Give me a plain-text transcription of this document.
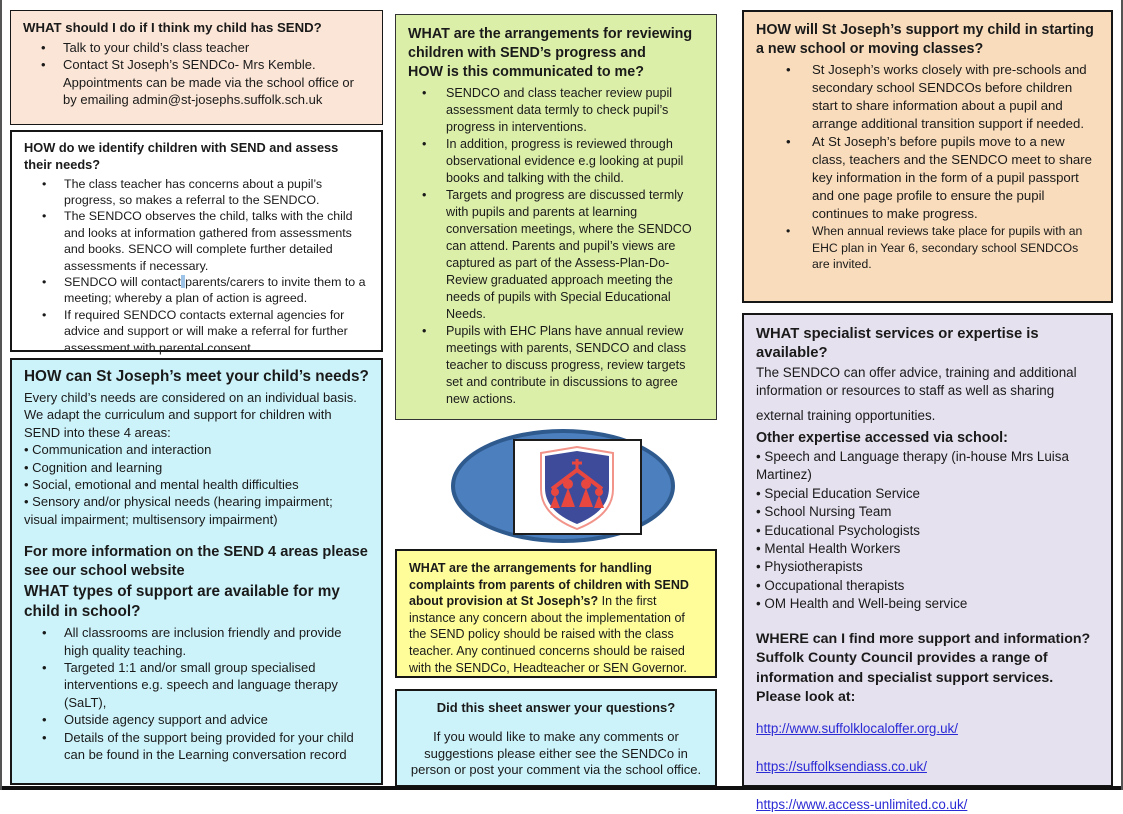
WHAT should I do if I think my child has SEND?
• Talk to your child’s class teacher
• Contact St Joseph’s SENDCo- Mrs Kemble. Appointments can be made via the school office or by emailing admin@st-josephs.suffolk.sch.uk
HOW do we identify children with SEND and assess their needs?
• The class teacher has concerns about a pupil’s progress, so makes a referral to the SENDCO.
• The SENDCO observes the child, talks with the child and looks at information gathered from assessments and books. SENCO will complete further detailed assessments if necessary.
• SENDCO will contact parents/carers to invite them to a meeting; whereby a plan of action is agreed.
• If required SENDCO contacts external agencies for advice and support or will make a referral for further assessment with parental consent.
HOW can St Joseph’s meet your child’s needs?

Every child’s needs are considered on an individual basis. We adapt the curriculum and support for children with SEND into these 4 areas:

• Communication and interaction

• Cognition and learning

• Social, emotional and mental health difficulties

• Sensory and/or physical needs (hearing impairment; visual impairment; multisensory impairment)

For more information on the SEND 4 areas please see our school website

WHAT types of support are available for my child in school?
• All classrooms are inclusion friendly and provide high quality teaching.
• Targeted 1:1 and/or small group specialised interventions e.g. speech and language therapy (SaLT),
• Outside agency support and advice
• Details of the support being provided for your child can be found in the Learning conversation record
WHAT are the arrangements for reviewing children with SEND’s progress and
HOW is this communicated to me?
• SENDCO and class teacher review pupil assessment data termly to check pupil’s progress in interventions.
• In addition, progress is reviewed through observational evidence e.g looking at pupil books and talking with the child.
• Targets and progress are discussed termly with pupils and parents at learning conversation meetings, where the SENDCO can attend. Parents and pupil’s views are captured as part of the Assess-Plan-Do-Review graduated approach meeting the needs of pupils with Special Educational Needs.
• Pupils with EHC Plans have annual review meetings with parents, SENDCO and class teacher to discuss progress, review targets set and contribute in discussions to agree new actions.

WHAT are the arrangements for handling complaints from parents of children with SEND about provision at St Joseph’s? In the first instance any concern about the implementation of the SEND policy should be raised with the class teacher. Any continued concerns should be raised with the SENDCo, Headteacher or SEN Governor.

Did this sheet answer your questions?

If you would like to make any comments or suggestions please either see the SENDCo in person or post your comment via the school office.

HOW will St Joseph’s support my child in starting a new school or moving classes?
• St Joseph’s works closely with pre-schools and secondary school SENDCOs before children start to share information about a pupil and arrange additional transition support if needed.
• At St Joseph’s before pupils move to a new class, teachers and the SENDCO meet to share key information in the form of a pupil passport and one page profile to ensure the pupil continues to make progress.
• When annual reviews take place for pupils with an EHC plan in Year 6, secondary school SENDCOs are invited.
WHAT specialist services or expertise is available?

The SENDCO can offer advice, training and additional information or resources to staff as well as sharing

external training opportunities.

Other expertise accessed via school:

• Speech and Language therapy (in-house Mrs Luisa Martinez)

• Special Education Service

• School Nursing Team

• Educational Psychologists

• Mental Health Workers

• Physiotherapists

• Occupational therapists

• OM Health and Well-being service

WHERE can I find more support and information? Suffolk County Council provides a range of information and specialist support services. Please look at:

http://www.suffolklocaloffer.org.uk/

https://suffolksendiass.co.uk/

https://www.access-unlimited.co.uk/
